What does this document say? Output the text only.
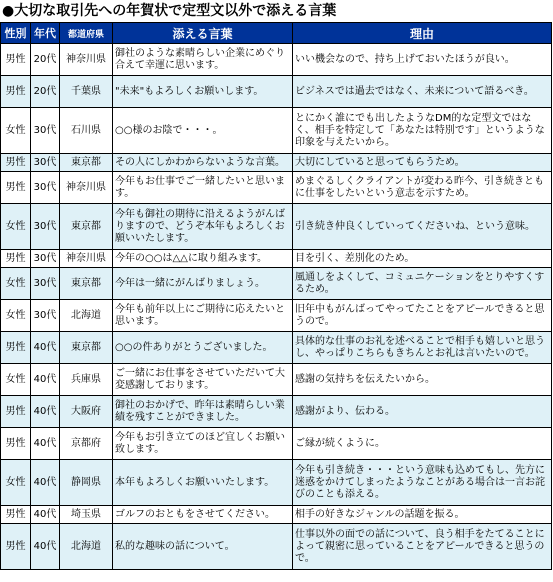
●大切な取引先への年賀状で定型文以外で添える言葉
性別	年代	都道府県	添える言葉	理由
男性	20代	神奈川県	御社のような素晴らしい企業にめぐり合えて幸運に思います。	いい機会なので、持ち上げておいたほうが良い。
男性	20代	千葉県	"未来"もよろしくお願いします。	ビジネスでは過去ではなく、未来について語るべき。
女性	30代	石川県	○○様のお陰で・・・。	とにかく誰にでも出したようなDM的な定型文ではなく、相手を特定して「あなたは特別です」というような印象を与えたいから。
男性	30代	東京都	その人にしかわからないような言葉。	大切にしていると思ってもらうため。
男性	30代	神奈川県	今年もお仕事でご一緒したいと思います。	めまぐるしくクライアントが変わる昨今、引き続きともに仕事をしたいという意志を示すため。
女性	30代	東京都	今年も御社の期待に沿えるようがんばりますので、どうぞ本年もよろしくお願いいたします。	引き続き仲良くしていってくださいね、という意味。
男性	30代	神奈川県	今年の○○は△△に取り組みます。	目を引く、差別化のため。
女性	30代	東京都	今年は一緒にがんばりましょう。	風通しをよくして、コミュニケーションをとりやすくするため。
女性	30代	北海道	今年も前年以上にご期待に応えたいと思います。	旧年中もがんばってやってたことをアピールできると思うので。
男性	40代	東京都	○○の件ありがとうございました。	具体的な仕事のお礼を述べることで相手も嬉しいと思うし、やっぱりこちらもきちんとお礼は言いたいので。
女性	40代	兵庫県	ご一緒にお仕事をさせていただいて大変感謝しております。	感謝の気持ちを伝えたいから。
男性	40代	大阪府	御社のおかげで、昨年は素晴らしい業績を残すことができました。	感謝がより、伝わる。
男性	40代	京都府	今年もお引き立てのほど宜しくお願い致します。	ご縁が続くように。
女性	40代	静岡県	本年もよろしくお願いいたします。	今年も引き続き・・・という意味も込めてもし、先方に迷惑をかけてしまったようなことがある場合は一言お詫びのことも添える。
男性	40代	埼玉県	ゴルフのおともをさせてください。	相手の好きなジャンルの話題を振る。
男性	40代	北海道	私的な趣味の話について。	仕事以外の面での話について、良う相手をたてることによって親密に思っていることをアピールできると思うので。
